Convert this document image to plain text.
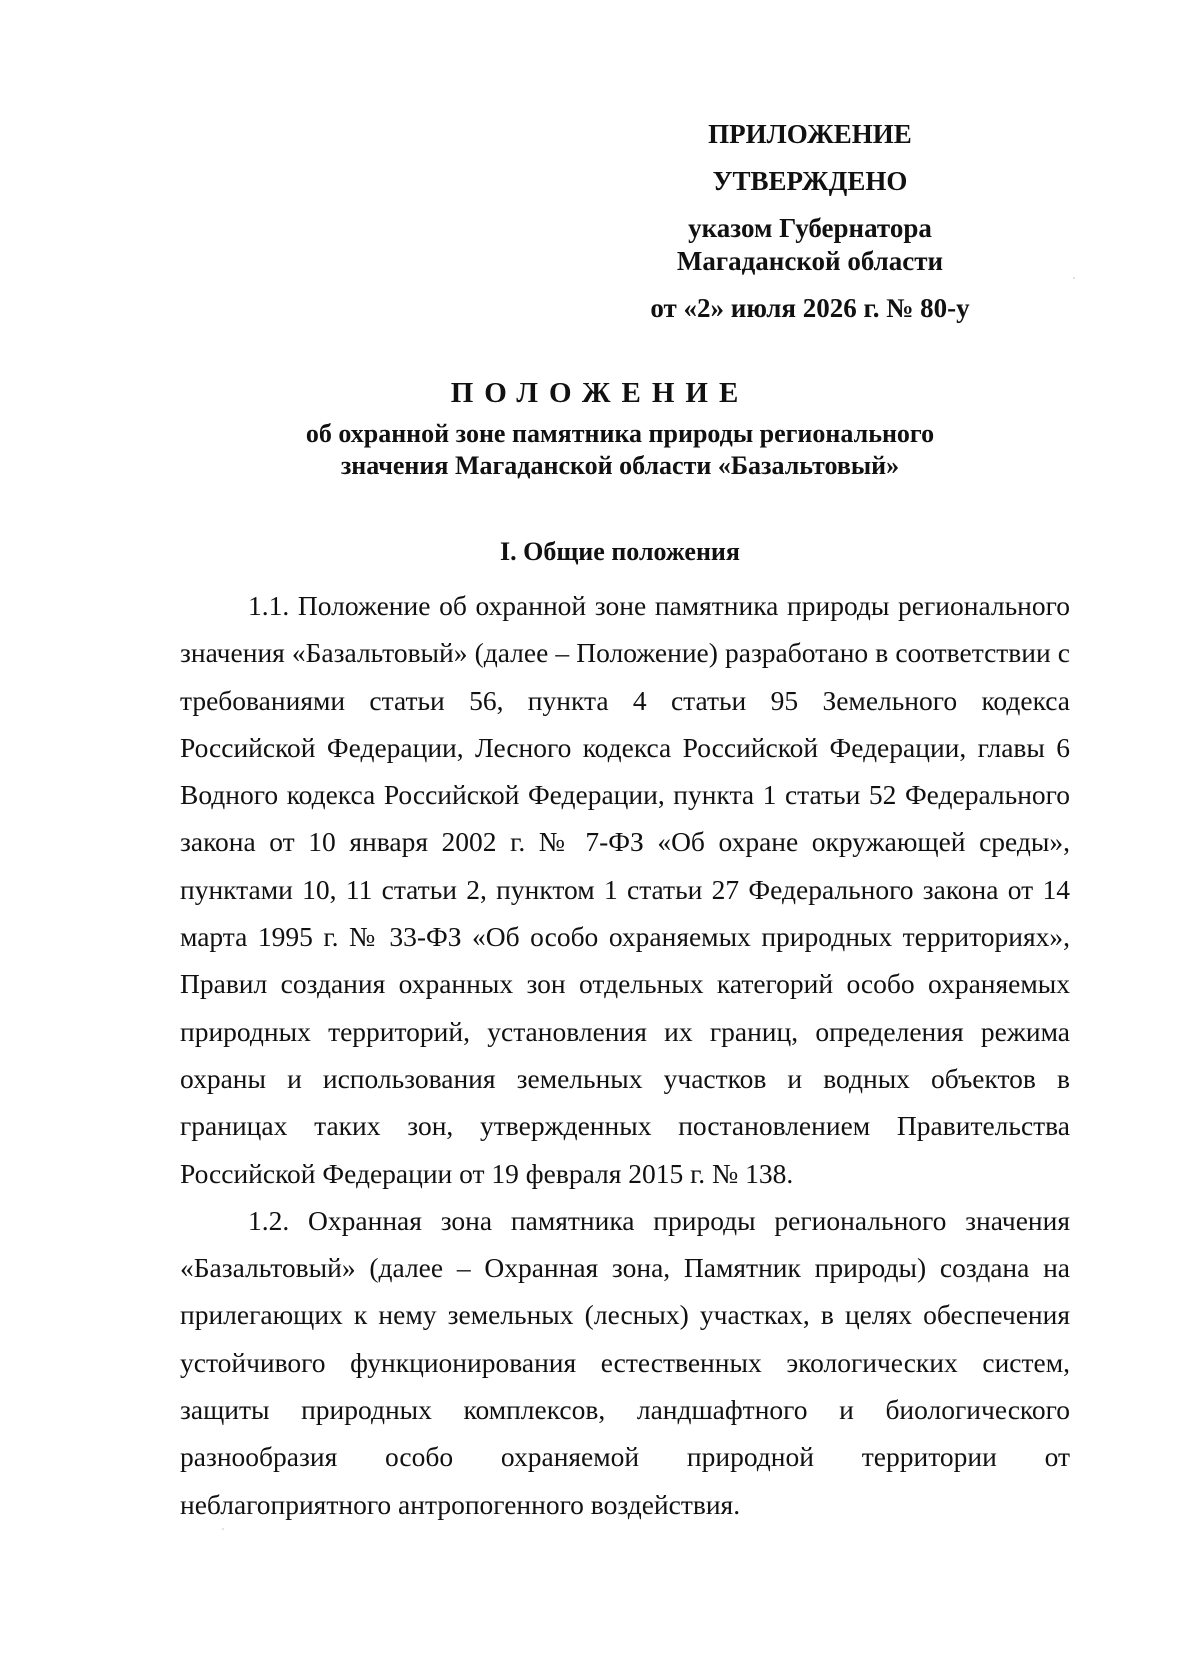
ПРИЛОЖЕНИЕ
УТВЕРЖДЕНО
указом Губернатора
Магаданской области
от «2» июля 2026 г. № 80-у
ПОЛОЖЕНИЕ
об охранной зоне памятника природы регионального
значения Магаданской области «Базальтовый»
I. Общие положения

1.1. Положение об охранной зоне памятника природы регионального значения «Базальтовый» (далее – Положение) разработано в соответствии с требованиями статьи 56, пункта 4 статьи 95 Земельного кодекса Российской Федерации, Лесного кодекса Российской Федерации, главы 6 Водного кодекса Российской Федерации, пункта 1 статьи 52 Федерального закона от 10 января 2002 г. № 7-ФЗ «Об охране окружающей среды», пунктами 10, 11 статьи 2, пунктом 1 статьи 27 Федерального закона от 14 марта 1995 г. № 33-ФЗ «Об особо охраняемых природных территориях», Правил создания охранных зон отдельных категорий особо охраняемых природных территорий, установления их границ, определения режима охраны и использования земельных участков и водных объектов в границах таких зон, утвержденных постановлением Правительства Российской Федерации от 19 февраля 2015 г. № 138.

1.2. Охранная зона памятника природы регионального значения «Базальтовый» (далее – Охранная зона, Памятник природы) создана на прилегающих к нему земельных (лесных) участках, в целях обеспечения устойчивого функционирования естественных экологических систем, защиты природных комплексов, ландшафтного и биологического разнообразия особо охраняемой природной территории от неблагоприятного антропогенного воздействия.
